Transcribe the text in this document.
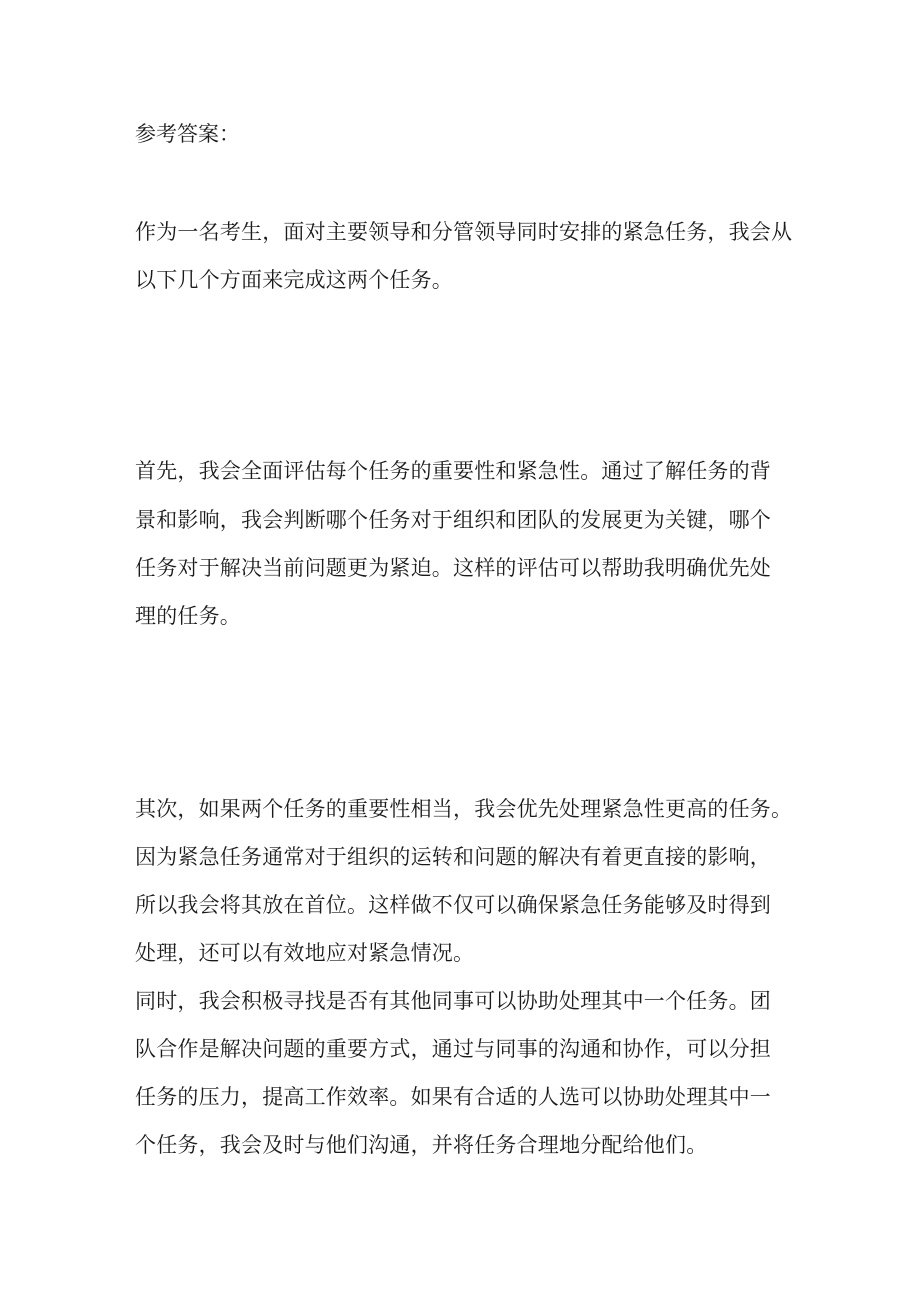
参考答案：
作为一名考生，面对主要领导和分管领导同时安排的紧急任务，我会从
以下几个方面来完成这两个任务。
首先，我会全面评估每个任务的重要性和紧急性。通过了解任务的背
景和影响，我会判断哪个任务对于组织和团队的发展更为关键，哪个
任务对于解决当前问题更为紧迫。这样的评估可以帮助我明确优先处
理的任务。
其次，如果两个任务的重要性相当，我会优先处理紧急性更高的任务。
因为紧急任务通常对于组织的运转和问题的解决有着更直接的影响，
所以我会将其放在首位。这样做不仅可以确保紧急任务能够及时得到
处理，还可以有效地应对紧急情况。
同时，我会积极寻找是否有其他同事可以协助处理其中一个任务。团
队合作是解决问题的重要方式，通过与同事的沟通和协作，可以分担
任务的压力，提高工作效率。如果有合适的人选可以协助处理其中一
个任务，我会及时与他们沟通，并将任务合理地分配给他们。
